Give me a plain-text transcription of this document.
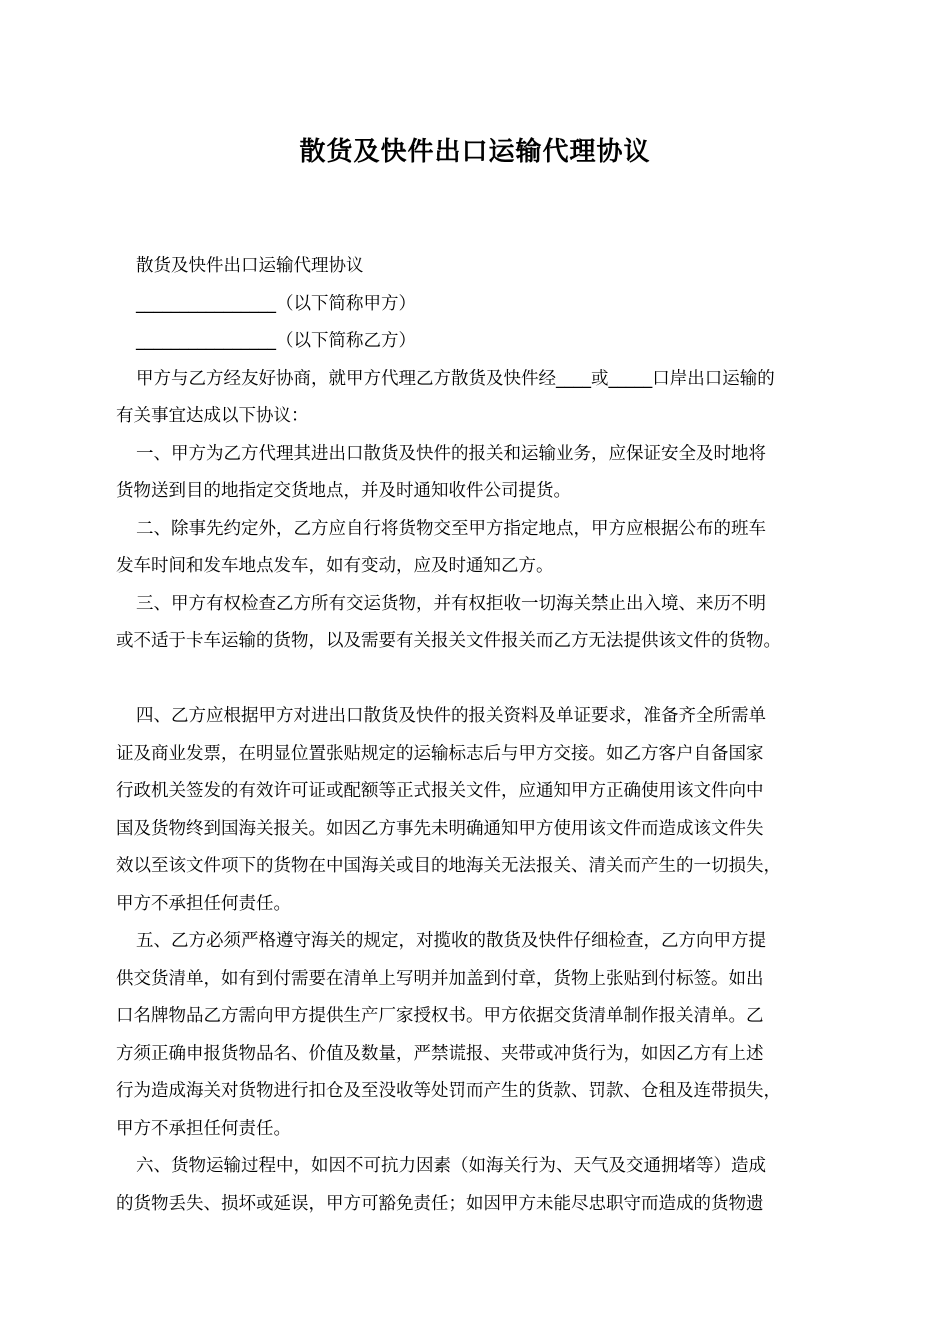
散货及快件出口运输代理协议
散货及快件出口运输代理协议
________________（以下简称甲方）
________________（以下简称乙方）
甲方与乙方经友好协商，就甲方代理乙方散货及快件经____或_____口岸出口运输的
有关事宜达成以下协议：
一、甲方为乙方代理其进出口散货及快件的报关和运输业务，应保证安全及时地将
货物送到目的地指定交货地点，并及时通知收件公司提货。
二、除事先约定外，乙方应自行将货物交至甲方指定地点，甲方应根据公布的班车
发车时间和发车地点发车，如有变动，应及时通知乙方。
三、甲方有权检查乙方所有交运货物，并有权拒收一切海关禁止出入境、来历不明
或不适于卡车运输的货物，以及需要有关报关文件报关而乙方无法提供该文件的货物。
四、乙方应根据甲方对进出口散货及快件的报关资料及单证要求，准备齐全所需单
证及商业发票，在明显位置张贴规定的运输标志后与甲方交接。如乙方客户自备国家
行政机关签发的有效许可证或配额等正式报关文件，应通知甲方正确使用该文件向中
国及货物终到国海关报关。如因乙方事先未明确通知甲方使用该文件而造成该文件失
效以至该文件项下的货物在中国海关或目的地海关无法报关、清关而产生的一切损失，
甲方不承担任何责任。
五、乙方必须严格遵守海关的规定，对揽收的散货及快件仔细检查，乙方向甲方提
供交货清单，如有到付需要在清单上写明并加盖到付章，货物上张贴到付标签。如出
口名牌物品乙方需向甲方提供生产厂家授权书。甲方依据交货清单制作报关清单。乙
方须正确申报货物品名、价值及数量，严禁谎报、夹带或冲货行为，如因乙方有上述
行为造成海关对货物进行扣仓及至没收等处罚而产生的货款、罚款、仓租及连带损失，
甲方不承担任何责任。
六、货物运输过程中，如因不可抗力因素（如海关行为、天气及交通拥堵等）造成
的货物丢失、损坏或延误，甲方可豁免责任；如因甲方未能尽忠职守而造成的货物遗
